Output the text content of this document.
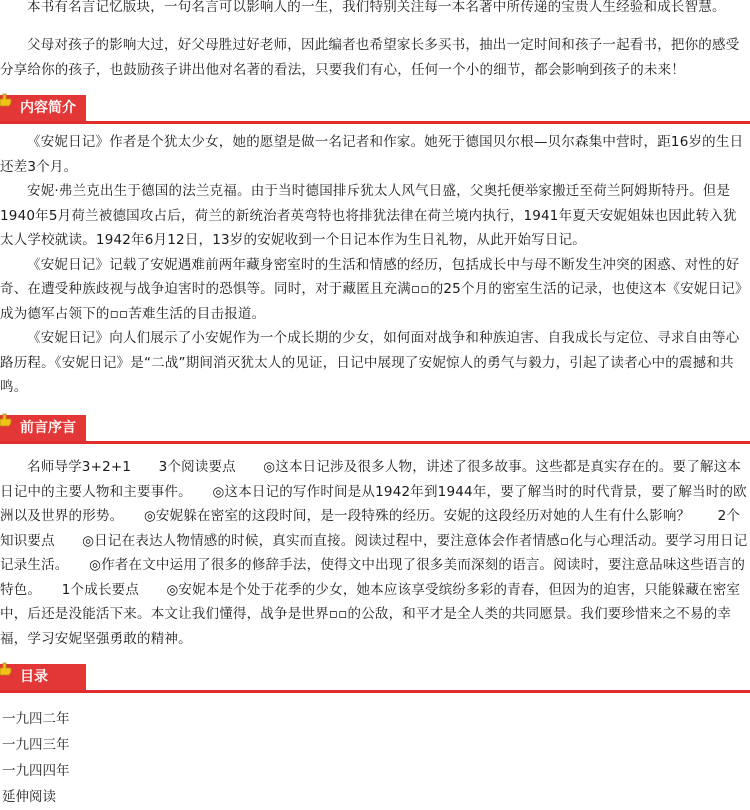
本书有名言记忆版块，一句名言可以影响人的一生，我们特别关注每一本名著中所传递的宝贵人生经验和成长智慧。

父母对孩子的影响大过，好父母胜过好老师，因此编者也希望家长多买书，抽出一定时间和孩子一起看书，把你的感受分享给你的孩子，也鼓励孩子讲出他对名著的看法，只要我们有心，任何一个小的细节，都会影响到孩子的未来！

内容简介

《安妮日记》作者是个犹太少女，她的愿望是做一名记者和作家。她死于德国贝尔根—贝尔森集中营时，距16岁的生日还差3个月。

安妮·弗兰克出生于德国的法兰克福。由于当时德国排斥犹太人风气日盛，父奥托便举家搬迁至荷兰阿姆斯特丹。但是1940年5月荷兰被德国攻占后，荷兰的新统治者英弯特也将排犹法律在荷兰境内执行，1941年夏天安妮姐妹也因此转入犹太人学校就读。1942年6月12日，13岁的安妮收到一个日记本作为生日礼物，从此开始写日记。

《安妮日记》记载了安妮遇难前两年藏身密室时的生活和情感的经历，包括成长中与母不断发生冲突的困惑、对性的好奇、在遭受种族歧视与战争迫害时的恐惧等。同时，对于藏匿且充满▫▫的25个月的密室生活的记录，也使这本《安妮日记》成为德军占领下的▫▫苦难生活的目击报道。

《安妮日记》向人们展示了小安妮作为一个成长期的少女，如何面对战争和种族迫害、自我成长与定位、寻求自由等心路历程。《安妮日记》是“二战”期间消灭犹太人的见证，日记中展现了安妮惊人的勇气与毅力，引起了读者心中的震撼和共鸣。

前言序言

名师导学3+2+1　　3个阅读要点　　◎这本日记涉及很多人物，讲述了很多故事。这些都是真实存在的。要了解这本日记中的主要人物和主要事件。　　◎这本日记的写作时间是从1942年到1944年，要了解当时的时代背景，要了解当时的欧洲以及世界的形势。　　◎安妮躲在密室的这段时间，是一段特殊的经历。安妮的这段经历对她的人生有什么影响？　　2个知识要点　　◎日记在表达人物情感的时候，真实而直接。阅读过程中，要注意体会作者情感▫化与心理活动。要学习用日记记录生活。　　◎作者在文中运用了很多的修辞手法，使得文中出现了很多美而深刻的语言。阅读时，要注意品味这些语言的特色。　　1个成长要点　　◎安妮本是个处于花季的少女，她本应该享受缤纷多彩的青春，但因为的迫害，只能躲藏在密室中，后还是没能活下来。本文让我们懂得，战争是世界▫▫的公敌，和平才是全人类的共同愿景。我们要珍惜来之不易的幸福，学习安妮坚强勇敢的精神。

目录
一九四二年
一九四三年
一九四四年
延伸阅读
